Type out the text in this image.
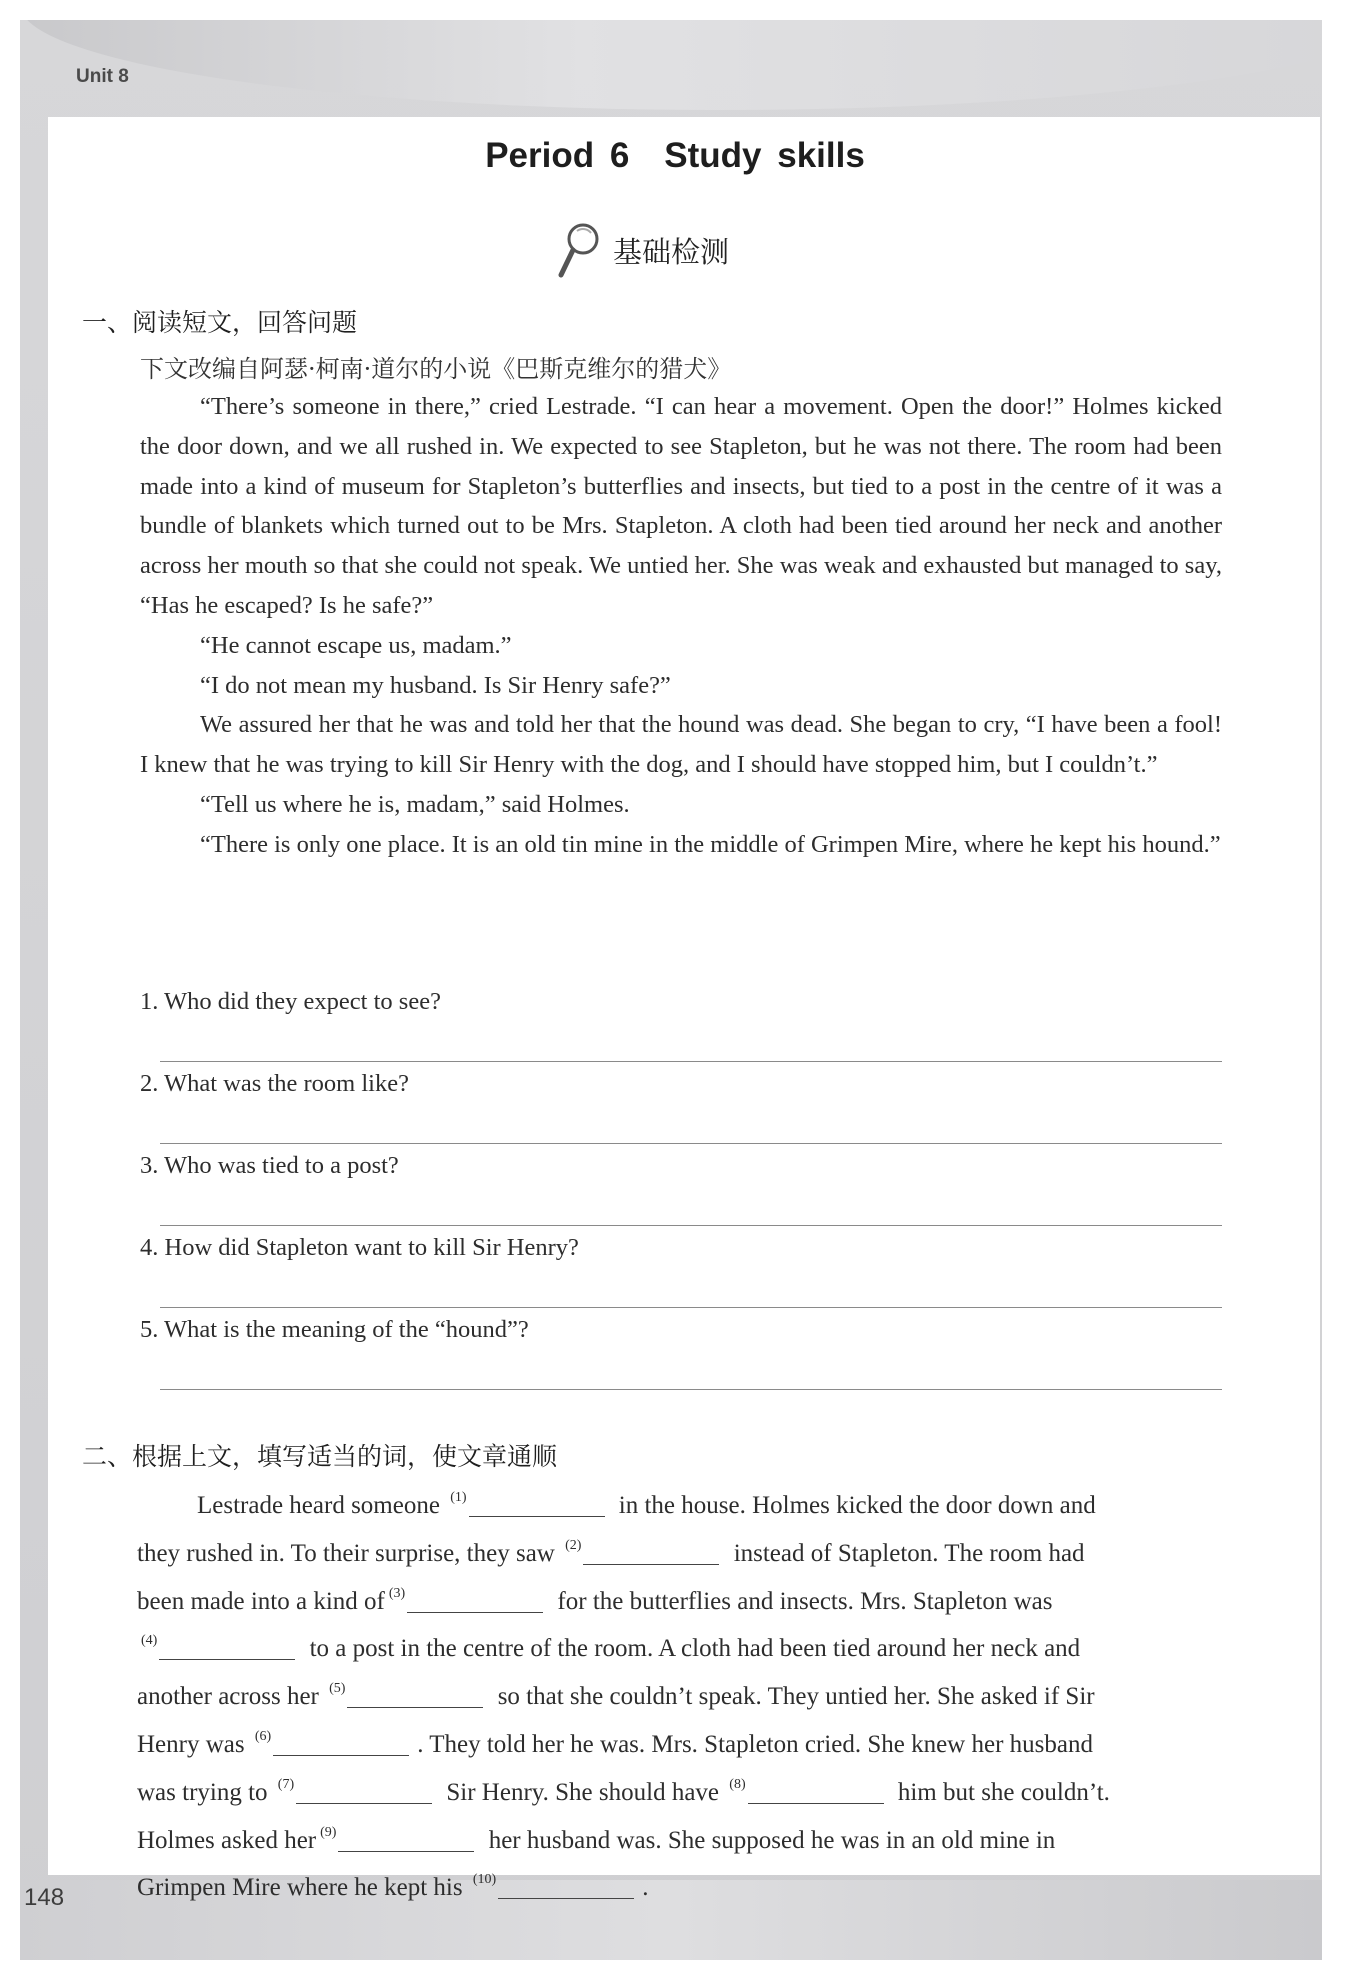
Unit 8
148
Period 6 Study skills
基础检测
一、阅读短文，回答问题
下文改编自阿瑟·柯南·道尔的小说《巴斯克维尔的猎犬》

“There’s someone in there,” cried Lestrade. “I can hear a movement. Open the door!” Holmes kicked the door down, and we all rushed in. We expected to see Stapleton, but he was not there. The room had been made into a kind of museum for Stapleton’s butterflies and insects, but tied to a post in the centre of it was a bundle of blankets which turned out to be Mrs. Stapleton. A cloth had been tied around her neck and another across her mouth so that she could not speak. We untied her. She was weak and exhausted but managed to say, “Has he escaped? Is he safe?”

“He cannot escape us, madam.”

“I do not mean my husband. Is Sir Henry safe?”

We assured her that he was and told her that the hound was dead. She began to cry, “I have been a fool! I knew that he was trying to kill Sir Henry with the dog, and I should have stopped him, but I couldn’t.”

“Tell us where he is, madam,” said Holmes.

“There is only one place. It is an old tin mine in the middle of Grimpen Mire, where he kept his hound.”

1. Who did they expect to see?
2. What was the room like?
3. Who was tied to a post?
4. How did Stapleton want to kill Sir Henry?
5. What is the meaning of the “hound”?
二、根据上文，填写适当的词，使文章通顺
Lestrade heard someone $^{(1)}$	in the house. Holmes kicked the door down and
they rushed in. To their surprise, they saw $^{(2)}$	instead of Stapleton. The room had
been made into a kind of $^{(3)}$	for the butterflies and insects. Mrs. Stapleton was
$^{(4)}$	to a post in the centre of the room. A cloth had been tied around her neck and
another across her $^{(5)}$	so that she couldn’t speak. They untied her. She asked if Sir
Henry was $^{(6)}$	. They told her he was. Mrs. Stapleton cried. She knew her husband
was trying to $^{(7)}$	Sir Henry. She should have $^{(8)}$	him but she couldn’t.
Holmes asked her $^{(9)}$	her husband was. She supposed he was in an old mine in
Grimpen Mire where he kept his $^{(10)}$	.
